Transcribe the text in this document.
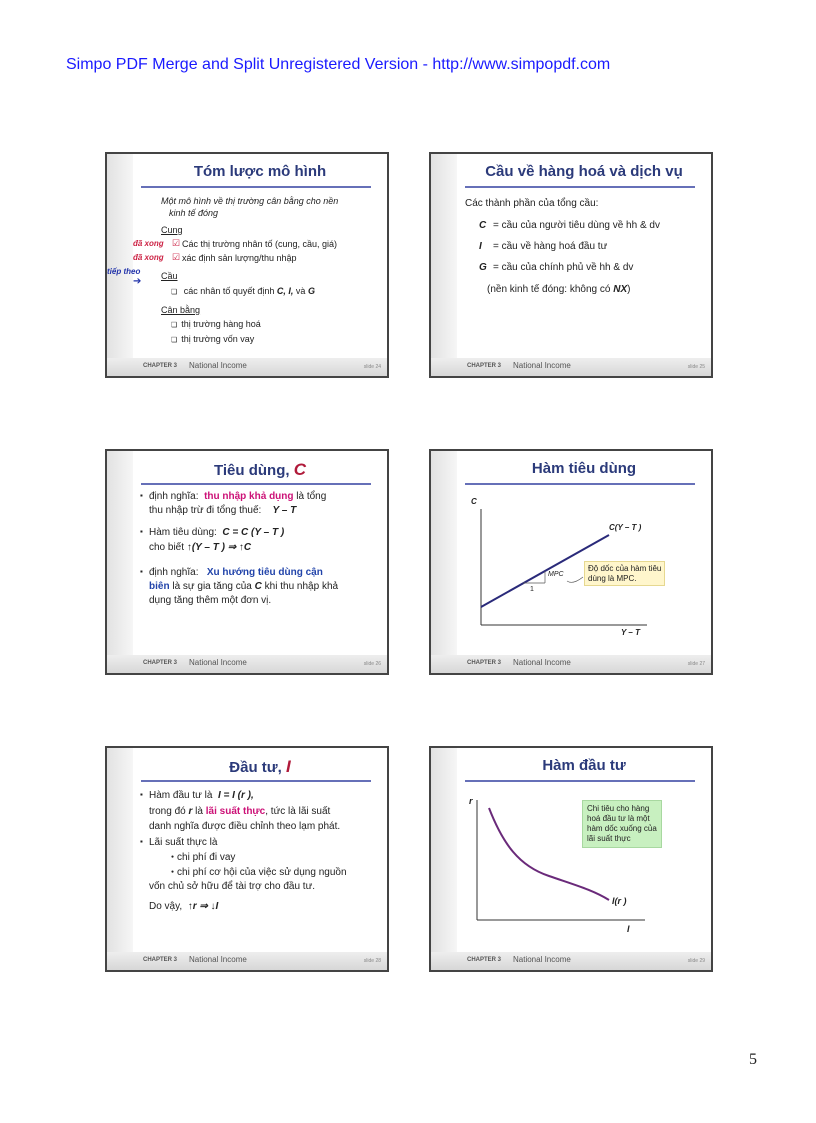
Simpo PDF Merge and Split Unregistered Version - http://www.simpopdf.com
Tóm lược mô hình
Một mô hình về thị trường cân bằng cho nền
kinh tế đóng
Cung
đã xong ☑ Các thị trường nhân tố (cung, cầu, giá)
đã xong ☑ xác định sản lượng/thu nhập
tiếp theo
➔ Cầu
❏ các nhân tố quyết định C, I, và G
Cân bằng
❏ thị trường hàng hoá
❏ thị trường vốn vay
CHAPTER 3 National Income	slide 24
Cầu về hàng hoá và dịch vụ
Các thành phần của tổng cầu:
C = cầu của người tiêu dùng về hh & dv
I = cầu về hàng hoá đầu tư
G = cầu của chính phủ về hh & dv
(nền kinh tế đóng: không có NX)
CHAPTER 3 National Income	slide 25
Tiêu dùng, C
▪ định nghĩa: thu nhập khả dụng là tổng
thu nhập trừ đi tổng thuế: Y – T
▪ Hàm tiêu dùng: C = C (Y – T )
cho biết ↑(Y – T ) ⇒ ↑C
▪ định nghĩa: Xu hướng tiêu dùng cận
biên là sự gia tăng của C khi thu nhập khả
dụng tăng thêm một đơn vị.
CHAPTER 3 National Income	slide 26
Hàm tiêu dùng
C
Y – T
C(Y – T )
MPC
1
Độ dốc của hàm tiêu
dùng là MPC.
CHAPTER 3 National Income	slide 27
Đầu tư, I
▪ Hàm đầu tư là I = I (r ),
trong đó r là lãi suất thực, tức là lãi suất
danh nghĩa được điều chỉnh theo lạm phát.
▪ Lãi suất thực là
● chi phí đi vay
● chi phí cơ hội của việc sử dụng nguồn
vốn chủ sở hữu để tài trợ cho đầu tư.
Do vậy, ↑r ⇒ ↓I
CHAPTER 3 National Income	slide 28
Hàm đầu tư
r
I
I(r )
Chi tiêu cho hàng
hoá đầu tư là một
hàm dốc xuống của
lãi suất thực
CHAPTER 3 National Income	slide 29
5
